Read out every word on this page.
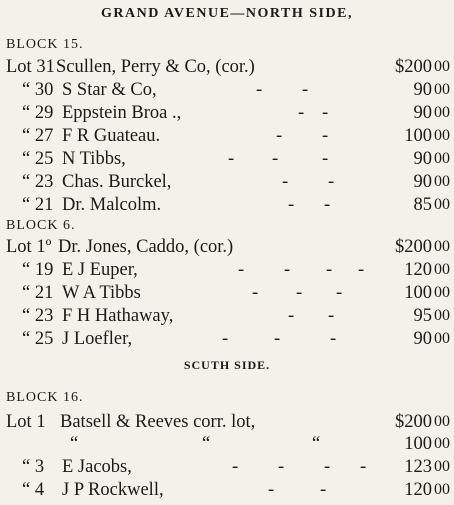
GRAND AVENUE—NORTH SIDE,
BLOCK 15.
Lot 31 Scullen, Perry & Co, (cor.)	$200 00
“ 30 S Star & Co,	- -	90 00
“ 29 Eppstein Broa .,	- -	90 00
“ 27 F R Guateau.	- -	100 00
“ 25 N Tibbs,	- - -	90 00
“ 23 Chas. Burckel,	- -	90 00
“ 21 Dr. Malcolm.	- -	85 00
BLOCK 6.
Lot 1º Dr. Jones, Caddo, (cor.)	$200 00
“ 19 E J Euper,	- - - - 120 00
“ 21 W A Tibbs	- - -	100 00
“ 23 F H Hathaway,	- -	95 00
“ 25 J Loefler,	- -	-	90 00
SCUTH SIDE.
BLOCK 16.
Lot 1 Batsell & Reeves corr. lot,	$200 00
“	“	“	100 00
“ 3 E Jacobs,	- - - - 123 00
“ 4 J P Rockwell,	- -	120 00
